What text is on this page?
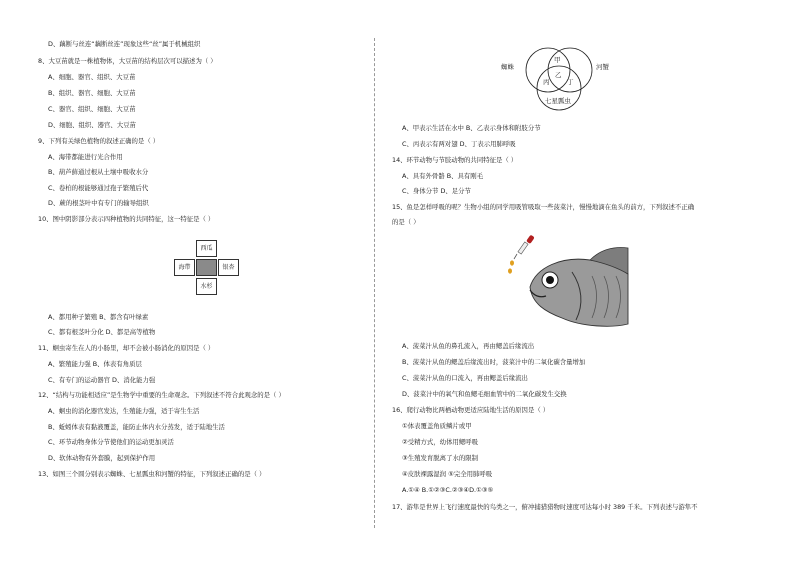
D、藕断与丝连“藕断丝连”现象这些“丝”属于机械组织
8、大豆苗就是一株植物体，大豆苗的结构层次可以描述为（ ）
A、细胞、器官、组织、大豆苗
B、组织、器官、细胞、大豆苗
C、器官、组织、细胞、大豆苗
D、细胞、组织、器官、大豆苗
9、下列有关绿色植物的叙述正确的是（ ）
A、海带都能进行光合作用
B、葫芦藓通过根从土壤中吸收水分
C、卷柏的根能够通过孢子繁殖后代
D、蕨的根茎叶中有专门的输导组织
10、图中阴影部分表示四种植物的共同特征，这一特征是（ ）
西瓜
海带	银杏
水杉
A、都用种子繁殖 B、都含有叶绿素
C、都有根茎叶分化 D、都是高等植物
11、蛔虫寄生在人的小肠里，却不会被小肠消化的原因是（ ）
A、繁殖能力强 B、体表有角质层
C、有专门的运动器官 D、消化能力强
12、“结构与功能相适应”是生物学中重要的生命观念。下列叙述不符合此观念的是（ ）
A、蛔虫的消化器官发达，生殖能力强，适于寄生生活
B、蚯蚓体表有黏液覆盖，能防止体内水分蒸发，适于陆地生活
C、环节动物身体分节使他们的运动更加灵活
D、软体动物有外套膜，起到保护作用
13、如图三个圆分别表示蜘蛛、七星瓢虫和河蟹的特征，下列叙述正确的是（ ）
蜘蛛	河蟹
七星瓢虫
甲
乙
丙	丁
A、甲表示生活在水中 B、乙表示身体和附肢分节
C、丙表示有两对翅 D、丁表示用肺呼吸
14、环节动物与节肢动物的共同特征是（ ）
A、具有外骨骼 B、具有刚毛
C、身体分节 D、足分节
15、鱼是怎样呼吸的呢？生物小组的同学用吸管吸取一些菠菜汁，慢慢地滴在鱼头的前方，下列叙述不正确
的是（ ）
A、菠菜汁从鱼的鼻孔流入，再由鳃盖后缘流出
B、菠菜汁从鱼的鳃盖后缘流出时，菠菜汁中的二氧化碳含量增加
C、菠菜汁从鱼的口流入，再由鳃盖后缘流出
D、菠菜汁中的氧气和鱼鳃毛细血管中的二氧化碳发生交换
16、爬行动物比两栖动物更适应陆地生活的原因是（ ）
①体表覆盖角质鳞片或甲
②受精方式，幼体用鳃呼吸
③生殖发育脱离了水的限制
④皮肤裸露湿润 ⑤完全用肺呼吸
A.①④ B.①②③C.②③④D.①③⑤
17、游隼是世界上飞行速度最快的鸟类之一，俯冲捕猎猎物时速度可达每小时 389 千米。下列表述与游隼不
